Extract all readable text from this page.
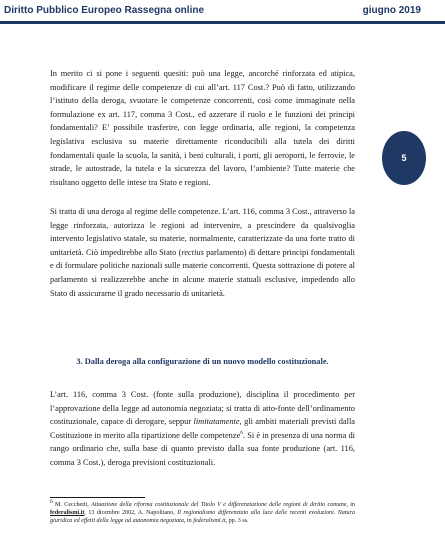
Diritto Pubblico Europeo Rassegna online	giugno 2019
5

In merito ci si pone i seguenti quesiti: può una legge, ancorché rinforzata ed atipica, modificare il regime delle competenze di cui all’art. 117 Cost.? Può di fatto, utilizzando l’istituto della deroga, svuotare le competenze concorrenti, così come immaginate nella formulazione ex art. 117, comma 3 Cost., ed azzerare il ruolo e le funzioni dei principi fondamentali? E’ possibile trasferire, con legge ordinaria, alle regioni, la competenza legislativa esclusiva su materie direttamente riconducibili alla tutela dei diritti fondamentali quale la scuola, la sanità, i beni culturali, i porti, gli aeroporti, le ferrovie, le strade, le autostrade, la tutela e la sicurezza del lavoro, l’ambiente? Tutte materie che risultano oggetto delle intese tra Stato e regioni.

Si tratta di una deroga al regime delle competenze. L’art. 116, comma 3 Cost., attraverso la legge rinforzata, autorizza le regioni ad intervenire, a prescindere da qualsivoglia intervento legislativo statale, su materie, normalmente, caratterizzate da una forte tratto di unitarietà. Ciò impedirebbe allo Stato (rectius parlamento) di dettare principi fondamentali e di formulare politiche nazionali sulle materie concorrenti. Questa sottrazione di potere al parlamento si realizzerebbe anche in alcune materie statuali esclusive, impedendo allo Stato di assicurarne il grado necessario di unitarietà.

3. Dalla deroga alla configurazione di un nuovo modello costituzionale.

L’art. 116, comma 3 Cost. (fonte sulla produzione), disciplina il procedimento per l’approvazione della legge ad autonomia negoziata; si tratta di atto-fonte dell’ordinamento costituzionale, capace di derogare, seppur limitatamente, gli ambiti materiali previsti dalla Costituzione in merito alla ripartizione delle competenze$^6$. Si è in presenza di una norma di rango ordinario che, sulla base di quanto previsto dalla sua fonte produzione (art. 116, comma 3 Cost.), deroga previsioni costituzionali.

$^6$ M. Cecchetti, Attuazione della riforma costituzionale del Titolo V e differenziazione delle regioni di diritto comune, in federalismi.it, 13 dicembre 2002, A. Napolitano, Il regionalismo differenziato alla luce delle recenti evoluzioni. Natura giuridica ed effetti della legge ad autonomia negoziata, in federalismi.it, pp. 3 ss.
